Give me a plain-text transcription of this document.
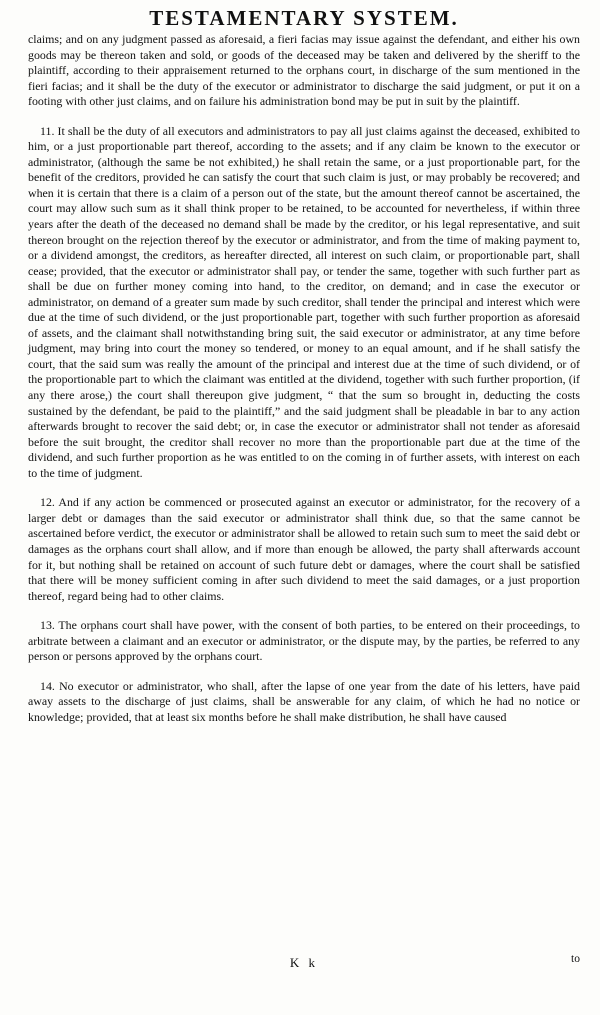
TESTAMENTARY SYSTEM.

claims; and on any judgment passed as aforesaid, a fieri facias may issue against the defendant, and either his own goods may be thereon taken and sold, or goods of the deceased may be taken and delivered by the sheriff to the plaintiff, according to their appraisement returned to the orphans court, in discharge of the sum mentioned in the fieri facias; and it shall be the duty of the executor or administrator to discharge the said judgment, or put it on a footing with other just claims, and on failure his administration bond may be put in suit by the plaintiff.

11. It shall be the duty of all executors and administrators to pay all just claims against the deceased, exhibited to him, or a just proportionable part thereof, according to the assets; and if any claim be known to the executor or administrator, (although the same be not exhibited,) he shall retain the same, or a just proportionable part, for the benefit of the creditors, provided he can satisfy the court that such claim is just, or may probably be recovered; and when it is certain that there is a claim of a person out of the state, but the amount thereof cannot be ascertained, the court may allow such sum as it shall think proper to be retained, to be accounted for nevertheless, if within three years after the death of the deceased no demand shall be made by the creditor, or his legal representative, and suit thereon brought on the rejection thereof by the executor or administrator, and from the time of making payment to, or a dividend amongst, the creditors, as hereafter directed, all interest on such claim, or proportionable part, shall cease; provided, that the executor or administrator shall pay, or tender the same, together with such further part as shall be due on further money coming into hand, to the creditor, on demand; and in case the executor or administrator, on demand of a greater sum made by such creditor, shall tender the principal and interest which were due at the time of such dividend, or the just proportionable part, together with such further proportion as aforesaid of assets, and the claimant shall notwithstanding bring suit, the said executor or administrator, at any time before judgment, may bring into court the money so tendered, or money to an equal amount, and if he shall satisfy the court, that the said sum was really the amount of the principal and interest due at the time of such dividend, or of the proportionable part to which the claimant was entitled at the dividend, together with such further proportion, (if any there arose,) the court shall thereupon give judgment, “ that the sum so brought in, deducting the costs sustained by the defendant, be paid to the plaintiff,” and the said judgment shall be pleadable in bar to any action afterwards brought to recover the said debt; or, in case the executor or administrator shall not tender as aforesaid before the suit brought, the creditor shall recover no more than the proportionable part due at the time of the dividend, and such further proportion as he was entitled to on the coming in of further assets, with interest on each to the time of judgment.

12. And if any action be commenced or prosecuted against an executor or administrator, for the recovery of a larger debt or damages than the said executor or administrator shall think due, so that the same cannot be ascertained before verdict, the executor or administrator shall be allowed to retain such sum to meet the said debt or damages as the orphans court shall allow, and if more than enough be allowed, the party shall afterwards account for it, but nothing shall be retained on account of such future debt or damages, where the court shall be satisfied that there will be money sufficient coming in after such dividend to meet the said damages, or a just proportion thereof, regard being had to other claims.

13. The orphans court shall have power, with the consent of both parties, to be entered on their proceedings, to arbitrate between a claimant and an executor or administrator, or the dispute may, by the parties, be referred to any person or persons approved by the orphans court.

14. No executor or administrator, who shall, after the lapse of one year from the date of his letters, have paid away assets to the discharge of just claims, shall be answerable for any claim, of which he had no notice or knowledge; provided, that at least six months before he shall make distribution, he shall have caused

K k	to
